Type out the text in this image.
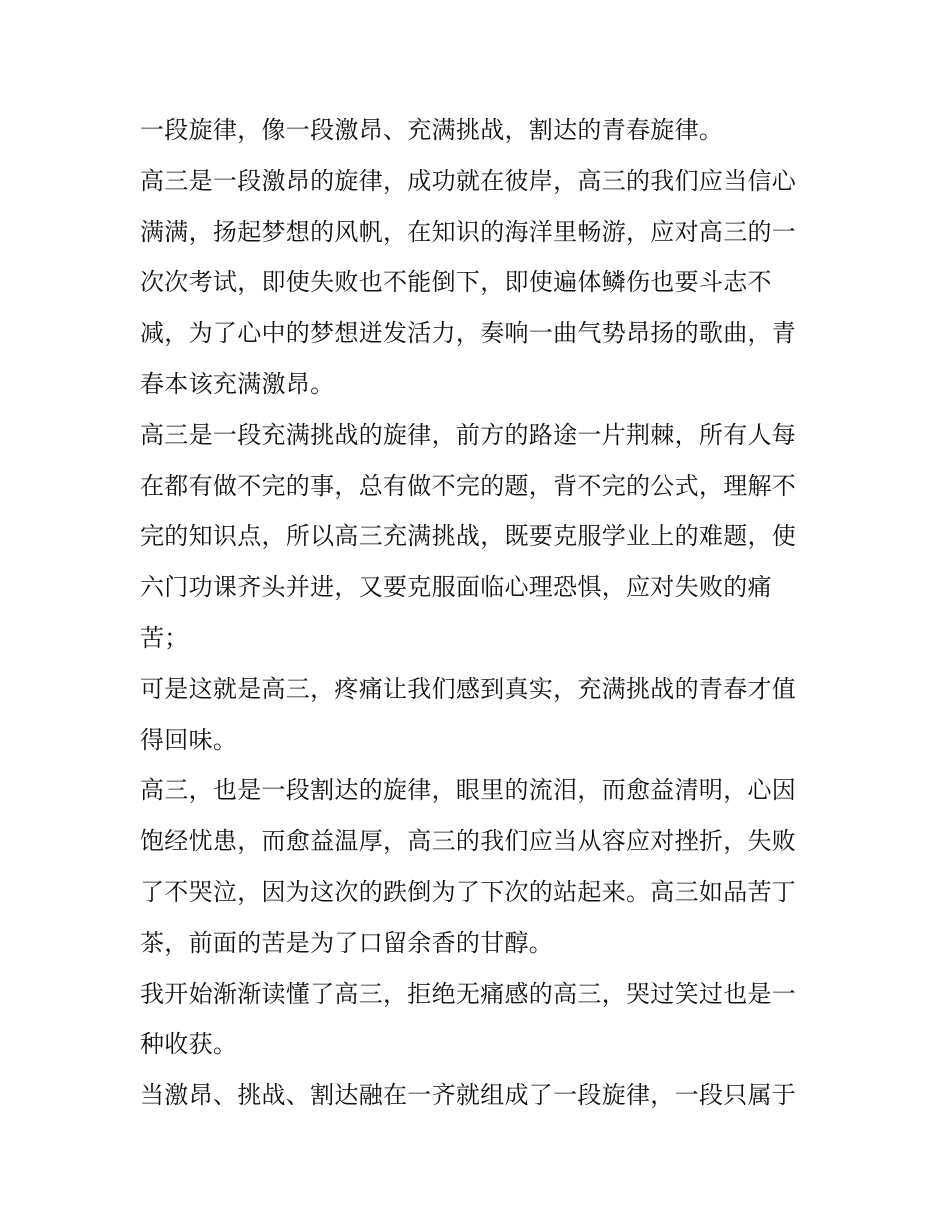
一段旋律，像一段激昂、充满挑战，割达的青春旋律。
高三是一段激昂的旋律，成功就在彼岸，高三的我们应当信心
满满，扬起梦想的风帆，在知识的海洋里畅游，应对高三的一
次次考试，即使失败也不能倒下，即使遍体鳞伤也要斗志不
减，为了心中的梦想迸发活力，奏响一曲气势昂扬的歌曲，青
春本该充满激昂。
高三是一段充满挑战的旋律，前方的路途一片荆棘，所有人每
在都有做不完的事，总有做不完的题，背不完的公式，理解不
完的知识点，所以高三充满挑战，既要克服学业上的难题，使
六门功课齐头并进，又要克服面临心理恐惧，应对失败的痛
苦；
可是这就是高三，疼痛让我们感到真实，充满挑战的青春才值
得回味。
高三，也是一段割达的旋律，眼里的流泪，而愈益清明，心因
饱经忧患，而愈益温厚，高三的我们应当从容应对挫折，失败
了不哭泣，因为这次的跌倒为了下次的站起来。高三如品苦丁
茶，前面的苦是为了口留余香的甘醇。
我开始渐渐读懂了高三，拒绝无痛感的高三，哭过笑过也是一
种收获。
当激昂、挑战、割达融在一齐就组成了一段旋律，一段只属于
